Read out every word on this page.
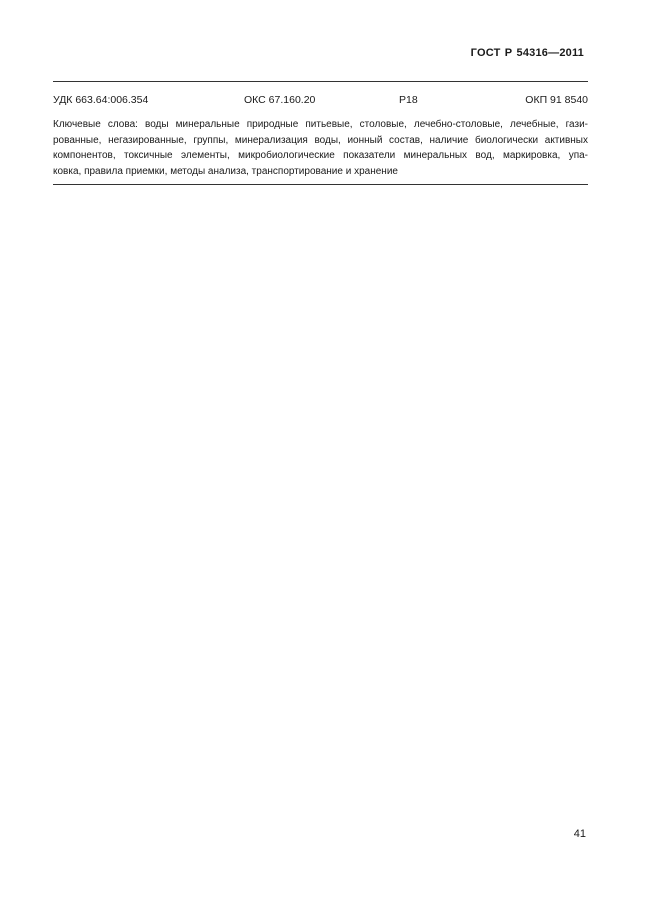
ГОСТ Р 54316—2011
УДК 663.64:006.354	ОКС 67.160.20	Р18	ОКП 91 8540
Ключевые слова: воды минеральные природные питьевые, столовые, лечебно-столовые, лечебные, гази-
рованные, негазированные, группы, минерализация воды, ионный состав, наличие биологически активных
компонентов, токсичные элементы, микробиологические показатели минеральных вод, маркировка, упа-
ковка, правила приемки, методы анализа, транспортирование и хранение
41
